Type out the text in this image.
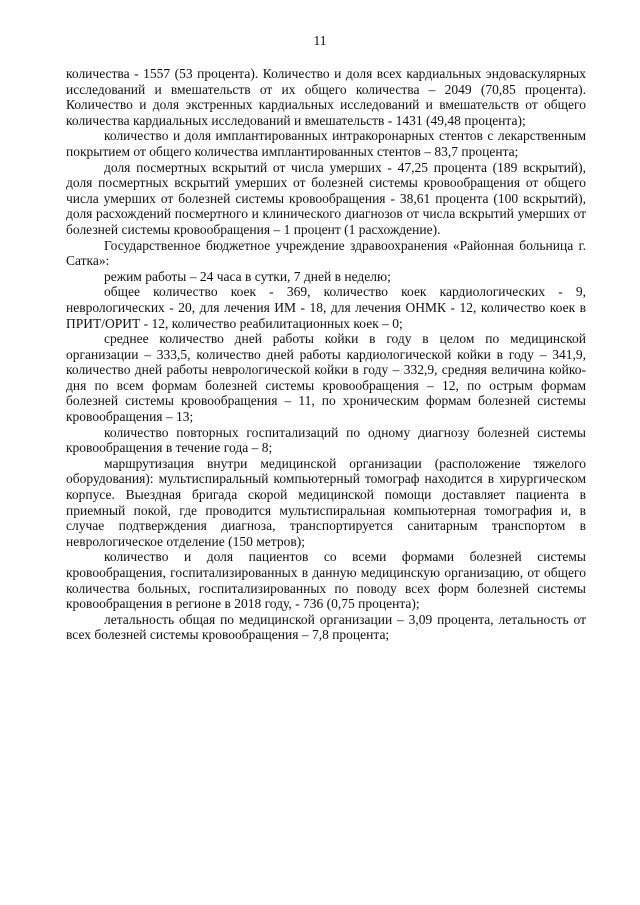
11

количества - 1557 (53 процента). Количество и доля всех кардиальных эндоваскулярных исследований и вмешательств от их общего количества – 2049 (70,85 процента). Количество и доля экстренных кардиальных исследований и вмешательств от общего количества кардиальных исследований и вмешательств - 1431 (49,48 процента);

количество и доля имплантированных интракоронарных стентов с лекарственным покрытием от общего количества имплантированных стентов – 83,7 процента;

доля посмертных вскрытий от числа умерших - 47,25 процента (189 вскрытий), доля посмертных вскрытий умерших от болезней системы кровообращения от общего числа умерших от болезней системы кровообращения - 38,61 процента (100 вскрытий), доля расхождений посмертного и клинического диагнозов от числа вскрытий умерших от болезней системы кровообращения – 1 процент (1 расхождение).

Государственное бюджетное учреждение здравоохранения «Районная больница г. Сатка»:

режим работы – 24 часа в сутки, 7 дней в неделю;

общее количество коек - 369, количество коек кардиологических - 9, неврологических - 20, для лечения ИМ - 18, для лечения ОНМК - 12, количество коек в ПРИТ/ОРИТ - 12, количество реабилитационных коек – 0;

среднее количество дней работы койки в году в целом по медицинской организации – 333,5, количество дней работы кардиологической койки в году – 341,9, количество дней работы неврологической койки в году – 332,9, средняя величина койко-дня по всем формам болезней системы кровообращения – 12, по острым формам болезней системы кровообращения – 11, по хроническим формам болезней системы кровообращения – 13;

количество повторных госпитализаций по одному диагнозу болезней системы кровообращения в течение года – 8;

маршрутизация внутри медицинской организации (расположение тяжелого оборудования): мультиспиральный компьютерный томограф находится в хирургическом корпусе. Выездная бригада скорой медицинской помощи доставляет пациента в приемный покой, где проводится мультиспиральная компьютерная томография и, в случае подтверждения диагноза, транспортируется санитарным транспортом в неврологическое отделение (150 метров);

количество и доля пациентов со всеми формами болезней системы кровообращения, госпитализированных в данную медицинскую организацию, от общего количества больных, госпитализированных по поводу всех форм болезней системы кровообращения в регионе в 2018 году, - 736 (0,75 процента);

летальность общая по медицинской организации – 3,09 процента, летальность от всех болезней системы кровообращения – 7,8 процента;
